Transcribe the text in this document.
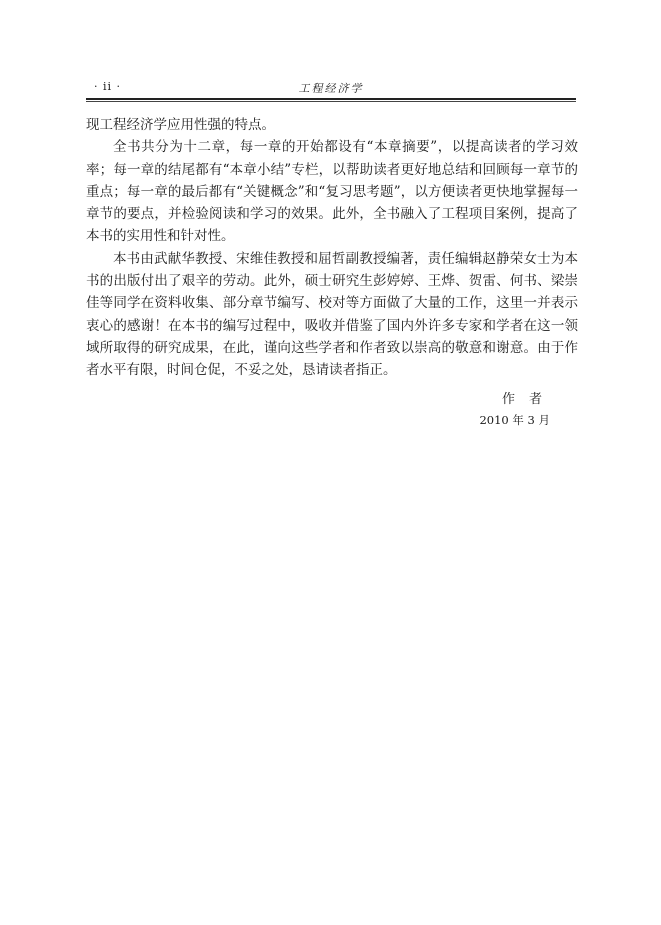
· ii ·	工程经济学

现工程经济学应用性强的特点。

全书共分为十二章，每一章的开始都设有“本章摘要”，以提高读者的学习效率；每一章的结尾都有“本章小结”专栏，以帮助读者更好地总结和回顾每一章节的重点；每一章的最后都有“关键概念”和“复习思考题”，以方便读者更快地掌握每一章节的要点，并检验阅读和学习的效果。此外，全书融入了工程项目案例，提高了本书的实用性和针对性。

本书由武献华教授、宋维佳教授和屈哲副教授编著，责任编辑赵静荣女士为本书的出版付出了艰辛的劳动。此外，硕士研究生彭婷婷、王烨、贺雷、何书、梁崇佳等同学在资料收集、部分章节编写、校对等方面做了大量的工作，这里一并表示衷心的感谢！在本书的编写过程中，吸收并借鉴了国内外许多专家和学者在这一领域所取得的研究成果，在此，谨向这些学者和作者致以崇高的敬意和谢意。由于作者水平有限，时间仓促，不妥之处，恳请读者指正。

作者
2010 年 3 月
